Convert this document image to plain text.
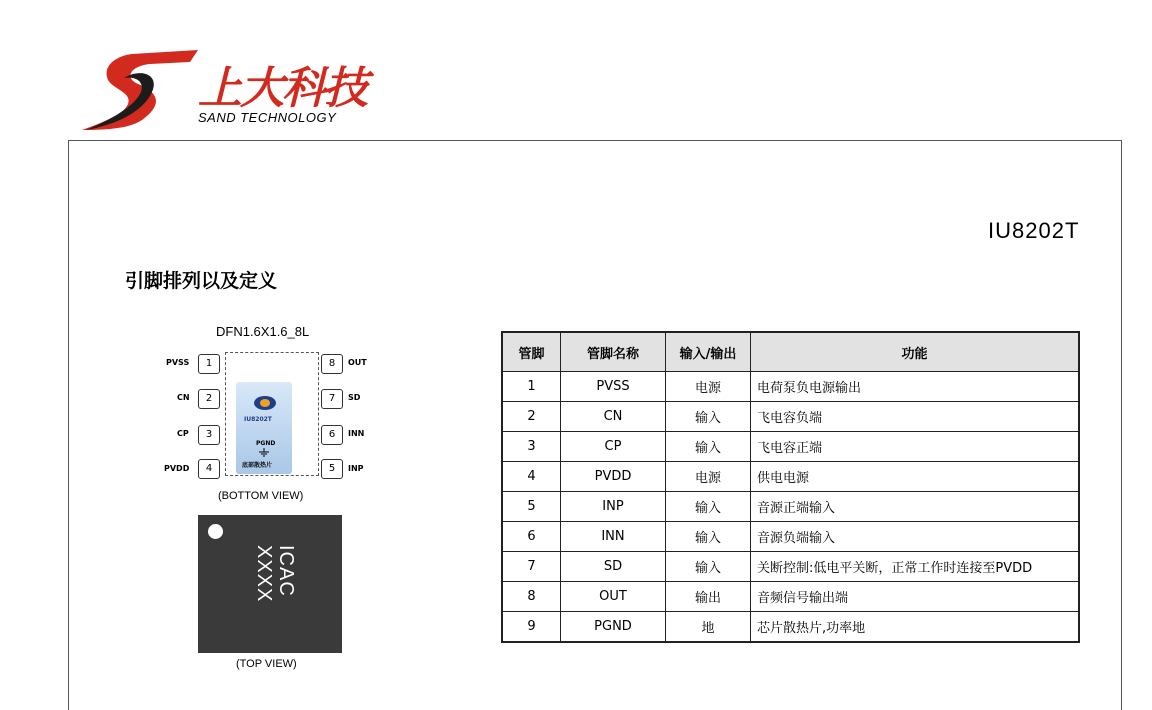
上大科技
SAND TECHNOLOGY
IU8202T
引脚排列以及定义
DFN1.6X1.6_8L
IU8202T
PGND
底部散热片
PVSS	1
CN	2
CP	3
PVDD	4
8	OUT
7	SD
6	INN
5	INP
(BOTTOM VIEW)
ICAC
XXXX
(TOP VIEW)
管脚	管脚名称	输入/输出	功能
1	PVSS	电源	电荷泵负电源输出
2	CN	输入	飞电容负端
3	CP	输入	飞电容正端
4	PVDD	电源	供电电源
5	INP	输入	音源正端输入
6	INN	输入	音源负端输入
7	SD	输入	关断控制:低电平关断，正常工作时连接至PVDD
8	OUT	输出	音频信号输出端
9	PGND	地	芯片散热片,功率地
